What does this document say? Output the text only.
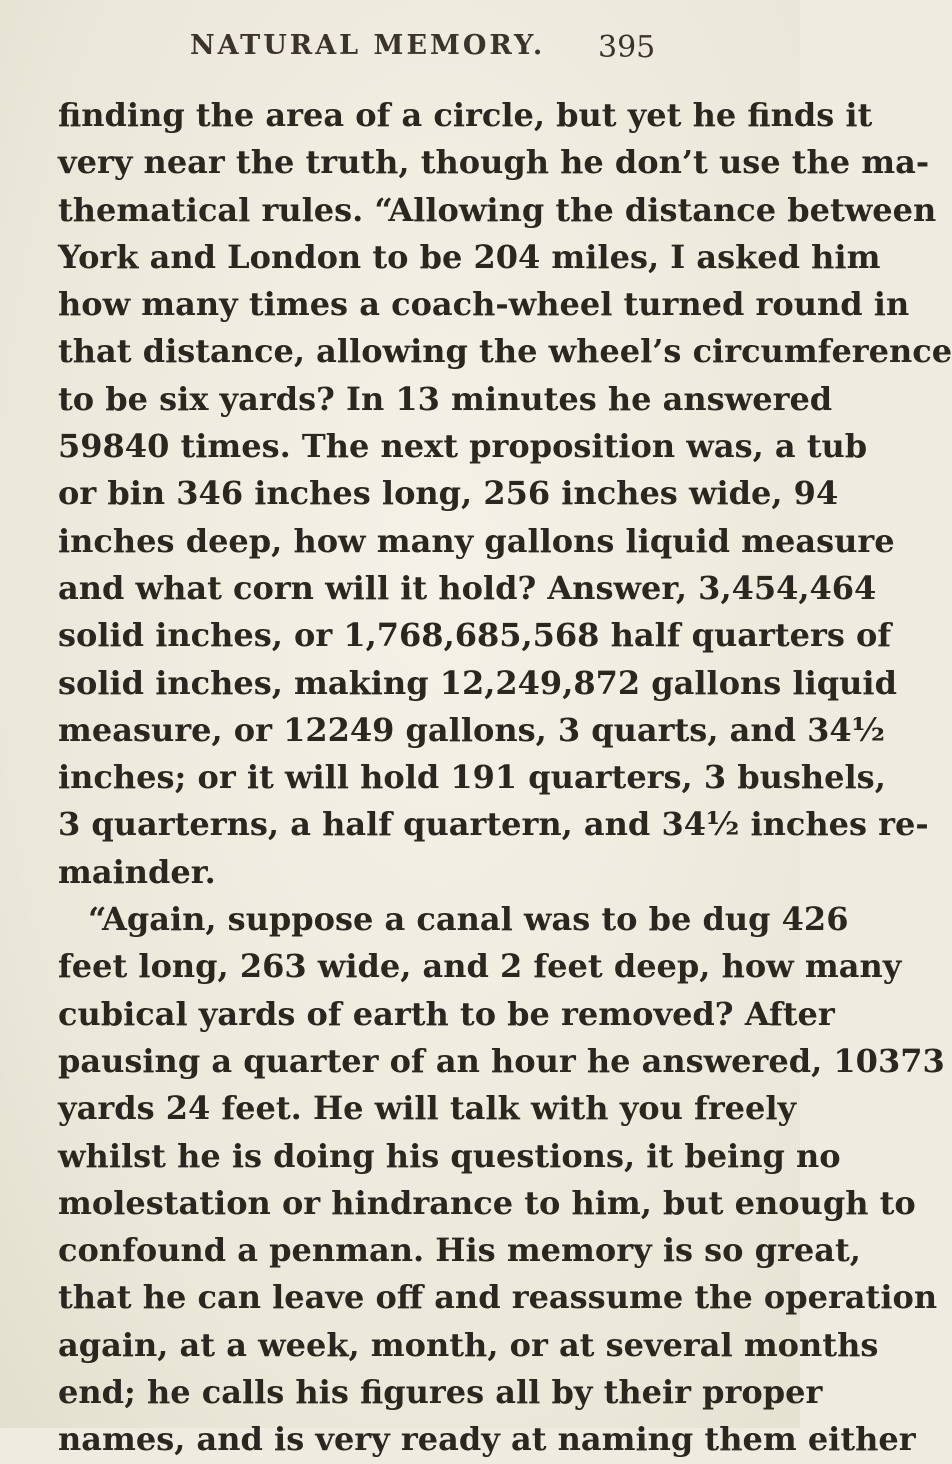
NATURAL MEMORY. 395
finding the area of a circle, but yet he finds it
very near the truth, though he don’t use the ma-
thematical rules. “Allowing the distance between
York and London to be 204 miles, I asked him
how many times a coach-wheel turned round in
that distance, allowing the wheel’s circumference
to be six yards? In 13 minutes he answered
59840 times. The next proposition was, a tub
or bin 346 inches long, 256 inches wide, 94
inches deep, how many gallons liquid measure
and what corn will it hold? Answer, 3,454,464
solid inches, or 1,768,685,568 half quarters of
solid inches, making 12,249,872 gallons liquid
measure, or 12249 gallons, 3 quarts, and 34½
inches; or it will hold 191 quarters, 3 bushels,
3 quarterns, a half quartern, and 34½ inches re-
mainder.
“Again, suppose a canal was to be dug 426
feet long, 263 wide, and 2 feet deep, how many
cubical yards of earth to be removed? After
pausing a quarter of an hour he answered, 10373
yards 24 feet. He will talk with you freely
whilst he is doing his questions, it being no
molestation or hindrance to him, but enough to
confound a penman. His memory is so great,
that he can leave off and reassume the operation
again, at a week, month, or at several months
end; he calls his figures all by their proper
names, and is very ready at naming them either
